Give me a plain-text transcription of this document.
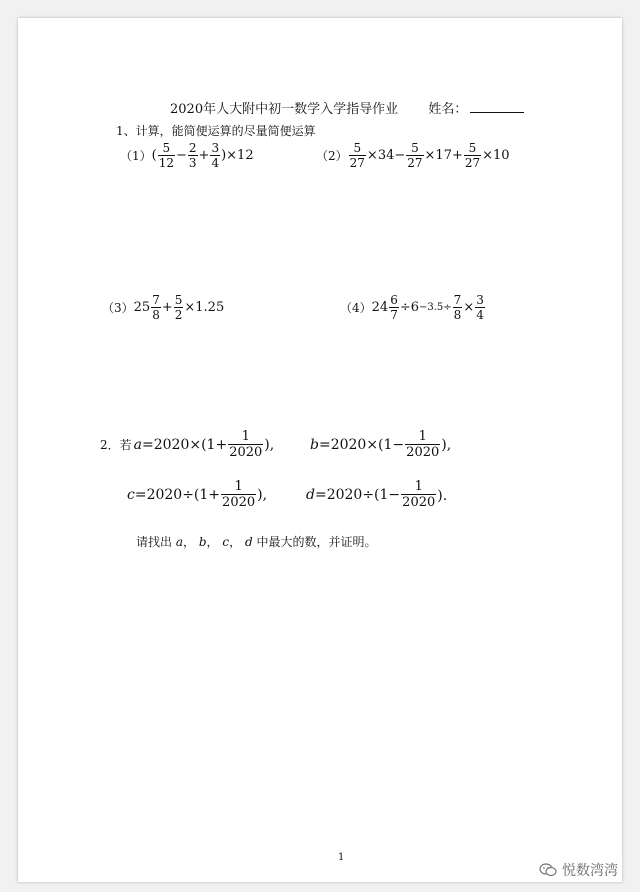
2020年人大附中初一数学入学指导作业 姓名：
1、计算，能简便运算的尽量简便运算
（1） ( $\frac{5}{12} - \frac{2}{3} + \frac{3}{4} )\times 12$	$(2) \frac{5}{27} \times 34- \frac{5}{27} \times 17+ \frac{5}{27} \times 10$
（3） $25 \frac{7}{8} + \frac{5}{2} \times 1.25$	（4） $24 \frac{6}{7} \div 6 -3.5\div \frac{7}{8} \times \frac{3}{4}$
2．若 $a =2020\times(1+ \frac{1}{2020}$ ),	$b =2020\times(1- \frac{1}{2020}$ ),
$c =2020\div(1+ \frac{1}{2020}$ ),	$d =2020\div(1- \frac{1}{2020}$ )．
请找出 a， b， c， d 中最大的数，并证明。
1
悦数湾湾
